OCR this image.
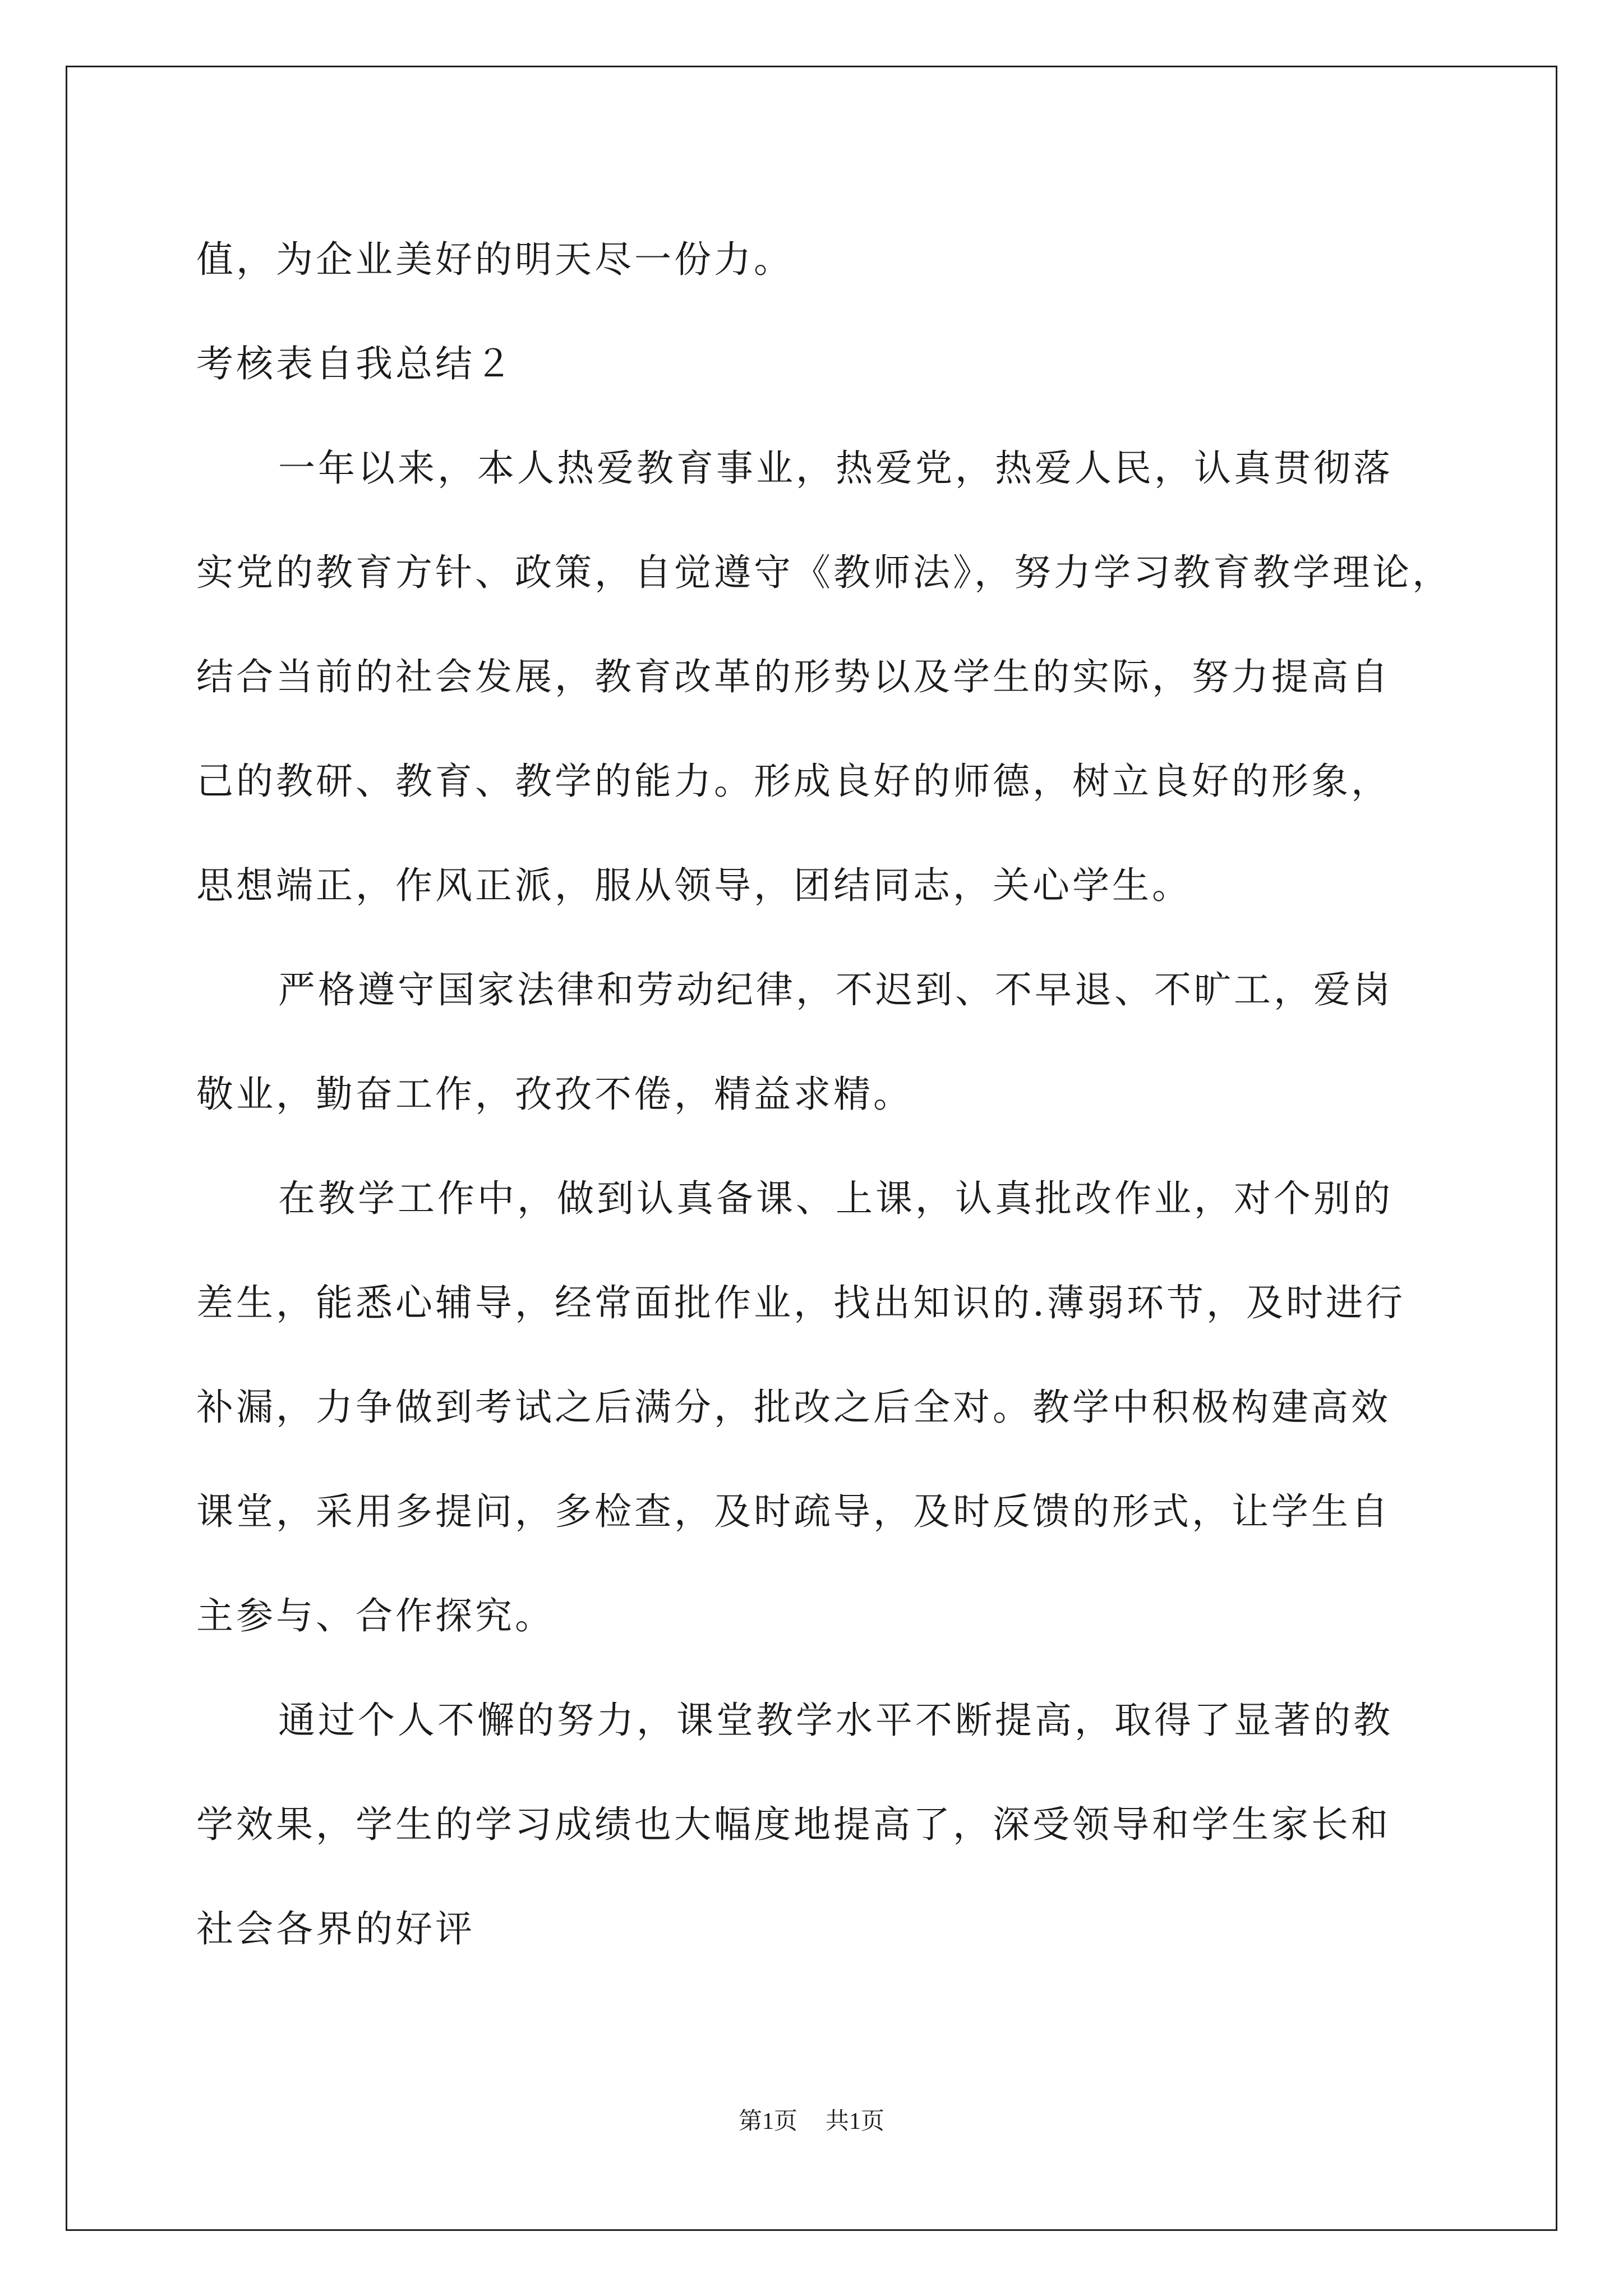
值，为企业美好的明天尽一份力。
考核表自我总结２
一年以来，本人热爱教育事业，热爱党，热爱人民，认真贯彻落
实党的教育方针、政策，自觉遵守《教师法》，努力学习教育教学理论，
结合当前的社会发展，教育改革的形势以及学生的实际，努力提高自
己的教研、教育、教学的能力。形成良好的师德，树立良好的形象，
思想端正，作风正派，服从领导，团结同志，关心学生。
严格遵守国家法律和劳动纪律，不迟到、不早退、不旷工，爱岗
敬业，勤奋工作，孜孜不倦，精益求精。
在教学工作中，做到认真备课、上课，认真批改作业，对个别的
差生，能悉心辅导，经常面批作业，找出知识的.薄弱环节，及时进行
补漏，力争做到考试之后满分，批改之后全对。教学中积极构建高效
课堂，采用多提问，多检查，及时疏导，及时反馈的形式，让学生自
主参与、合作探究。
通过个人不懈的努力，课堂教学水平不断提高，取得了显著的教
学效果，学生的学习成绩也大幅度地提高了，深受领导和学生家长和
社会各界的好评
第1页 共1页
